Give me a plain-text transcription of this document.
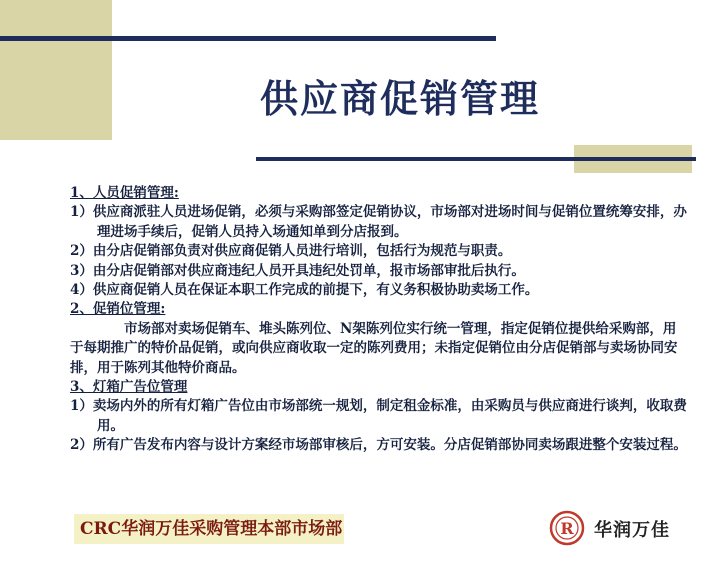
供应商促销管理

1、人员促销管理:

1）供应商派驻人员进场促销，必须与采购部签定促销协议，市场部对进场时间与促销位置统筹安排，办理进场手续后，促销人员持入场通知单到分店报到。

2）由分店促销部负责对供应商促销人员进行培训，包括行为规范与职责。

3）由分店促销部对供应商违纪人员开具违纪处罚单，报市场部审批后执行。

4）供应商促销人员在保证本职工作完成的前提下，有义务积极协助卖场工作。

2、促销位管理:

市场部对卖场促销车、堆头陈列位、N架陈列位实行统一管理，指定促销位提供给采购部，用于每期推广的特价品促销，或向供应商收取一定的陈列费用；未指定促销位由分店促销部与卖场协同安排，用于陈列其他特价商品。

3、灯箱广告位管理

1）卖场内外的所有灯箱广告位由市场部统一规划，制定租金标准，由采购员与供应商进行谈判，收取费用。

2）所有广告发布内容与设计方案经市场部审核后，方可安装。分店促销部协同卖场跟进整个安装过程。

CRC华润万佳采购管理本部市场部	R 华润万佳
